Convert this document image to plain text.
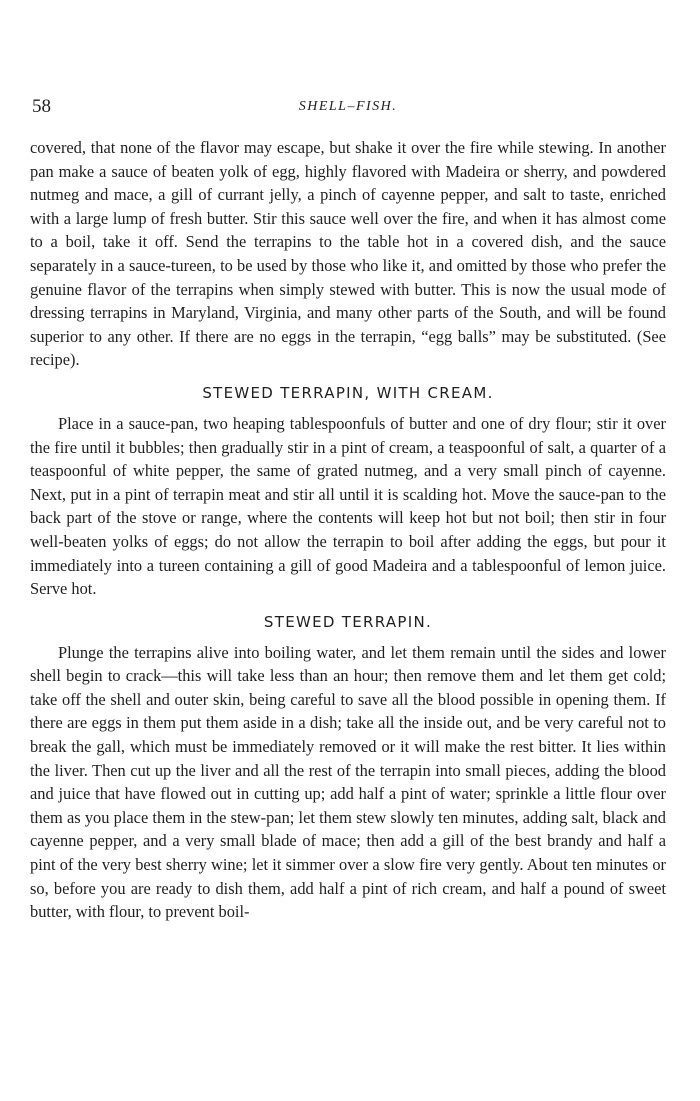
58	SHELL–FISH.

covered, that none of the flavor may escape, but shake it over the fire while stewing. In another pan make a sauce of beaten yolk of egg, highly flavored with Madeira or sherry, and powdered nutmeg and mace, a gill of currant jelly, a pinch of cayenne pepper, and salt to taste, enriched with a large lump of fresh butter. Stir this sauce well over the fire, and when it has almost come to a boil, take it off. Send the terrapins to the table hot in a covered dish, and the sauce separately in a sauce-tureen, to be used by those who like it, and omitted by those who prefer the genuine flavor of the terrapins when simply stewed with butter. This is now the usual mode of dressing terrapins in Maryland, Virginia, and many other parts of the South, and will be found superior to any other. If there are no eggs in the terrapin, “egg balls” may be substituted. (See recipe).

STEWED TERRAPIN, WITH CREAM.

Place in a sauce-pan, two heaping tablespoonfuls of butter and one of dry flour; stir it over the fire until it bubbles; then gradually stir in a pint of cream, a teaspoonful of salt, a quarter of a teaspoonful of white pepper, the same of grated nutmeg, and a very small pinch of cayenne. Next, put in a pint of terrapin meat and stir all until it is scalding hot. Move the sauce-pan to the back part of the stove or range, where the contents will keep hot but not boil; then stir in four well-beaten yolks of eggs; do not allow the terrapin to boil after adding the eggs, but pour it immediately into a tureen containing a gill of good Madeira and a tablespoonful of lemon juice. Serve hot.

STEWED TERRAPIN.

Plunge the terrapins alive into boiling water, and let them remain until the sides and lower shell begin to crack—this will take less than an hour; then remove them and let them get cold; take off the shell and outer skin, being careful to save all the blood possible in opening them. If there are eggs in them put them aside in a dish; take all the inside out, and be very careful not to break the gall, which must be immediately removed or it will make the rest bitter. It lies within the liver. Then cut up the liver and all the rest of the terrapin into small pieces, adding the blood and juice that have flowed out in cutting up; add half a pint of water; sprinkle a little flour over them as you place them in the stew-pan; let them stew slowly ten minutes, adding salt, black and cayenne pepper, and a very small blade of mace; then add a gill of the best brandy and half a pint of the very best sherry wine; let it simmer over a slow fire very gently. About ten minutes or so, before you are ready to dish them, add half a pint of rich cream, and half a pound of sweet butter, with flour, to prevent boil-
